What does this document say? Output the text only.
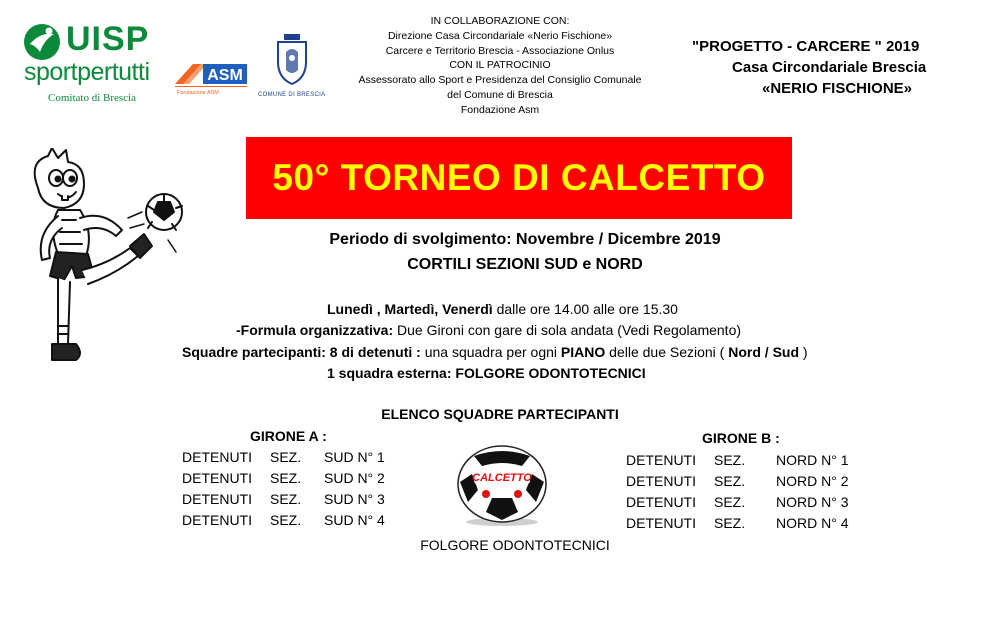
UISP
sportpertutti
Comitato di Brescia
ASM
Fondazione ASM	COMUNE DI BRESCIA
IN COLLABORAZIONE CON:
Direzione Casa Circondariale «Nerio Fischione»
Carcere e Territorio Brescia - Associazione Onlus
CON IL PATROCINIO
Assessorato allo Sport e Presidenza del Consiglio Comunale
del Comune di Brescia
Fondazione Asm
"PROGETTO - CARCERE " 2019
Casa Circondariale Brescia
«NERIO FISCHIONE»
50° TORNEO DI CALCETTO
Periodo di svolgimento: Novembre / Dicembre 2019
CORTILI SEZIONI SUD e NORD
Lunedì , Martedì, Venerdì dalle ore 14.00 alle ore 15.30
-Formula organizzativa: Due Gironi con gare di sola andata (Vedi Regolamento)
Squadre partecipanti: 8 di detenuti : una squadra per ogni PIANO delle due Sezioni ( Nord / Sud )
1 squadra esterna: FOLGORE ODONTOTECNICI
ELENCO SQUADRE PARTECIPANTI
GIRONE A :
DETENUTI	SEZ.	SUD N° 1
DETENUTI	SEZ.	SUD N° 2
DETENUTI	SEZ.	SUD N° 3
DETENUTI	SEZ.	SUD N° 4
GIRONE B :
DETENUTI	SEZ.	NORD N° 1
DETENUTI	SEZ.	NORD N° 2
DETENUTI	SEZ.	NORD N° 3
DETENUTI	SEZ.	NORD N° 4
CALCETTO
FOLGORE ODONTOTECNICI
